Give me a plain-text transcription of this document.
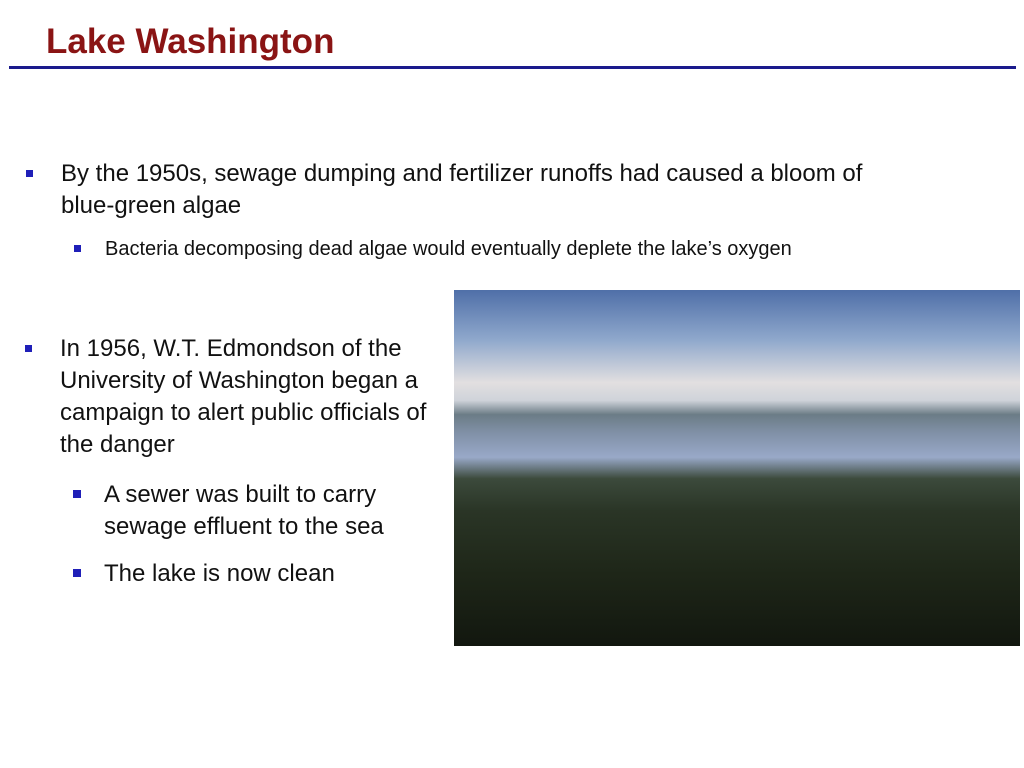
Lake Washington
By the 1950s, sewage dumping and fertilizer runoffs had caused a bloom of blue-green algae
Bacteria decomposing dead algae would eventually deplete the lake’s oxygen
In 1956, W.T. Edmondson of the University of Washington began a campaign to alert public officials of the danger
A sewer was built to carry sewage effluent to the sea
The lake is now clean
